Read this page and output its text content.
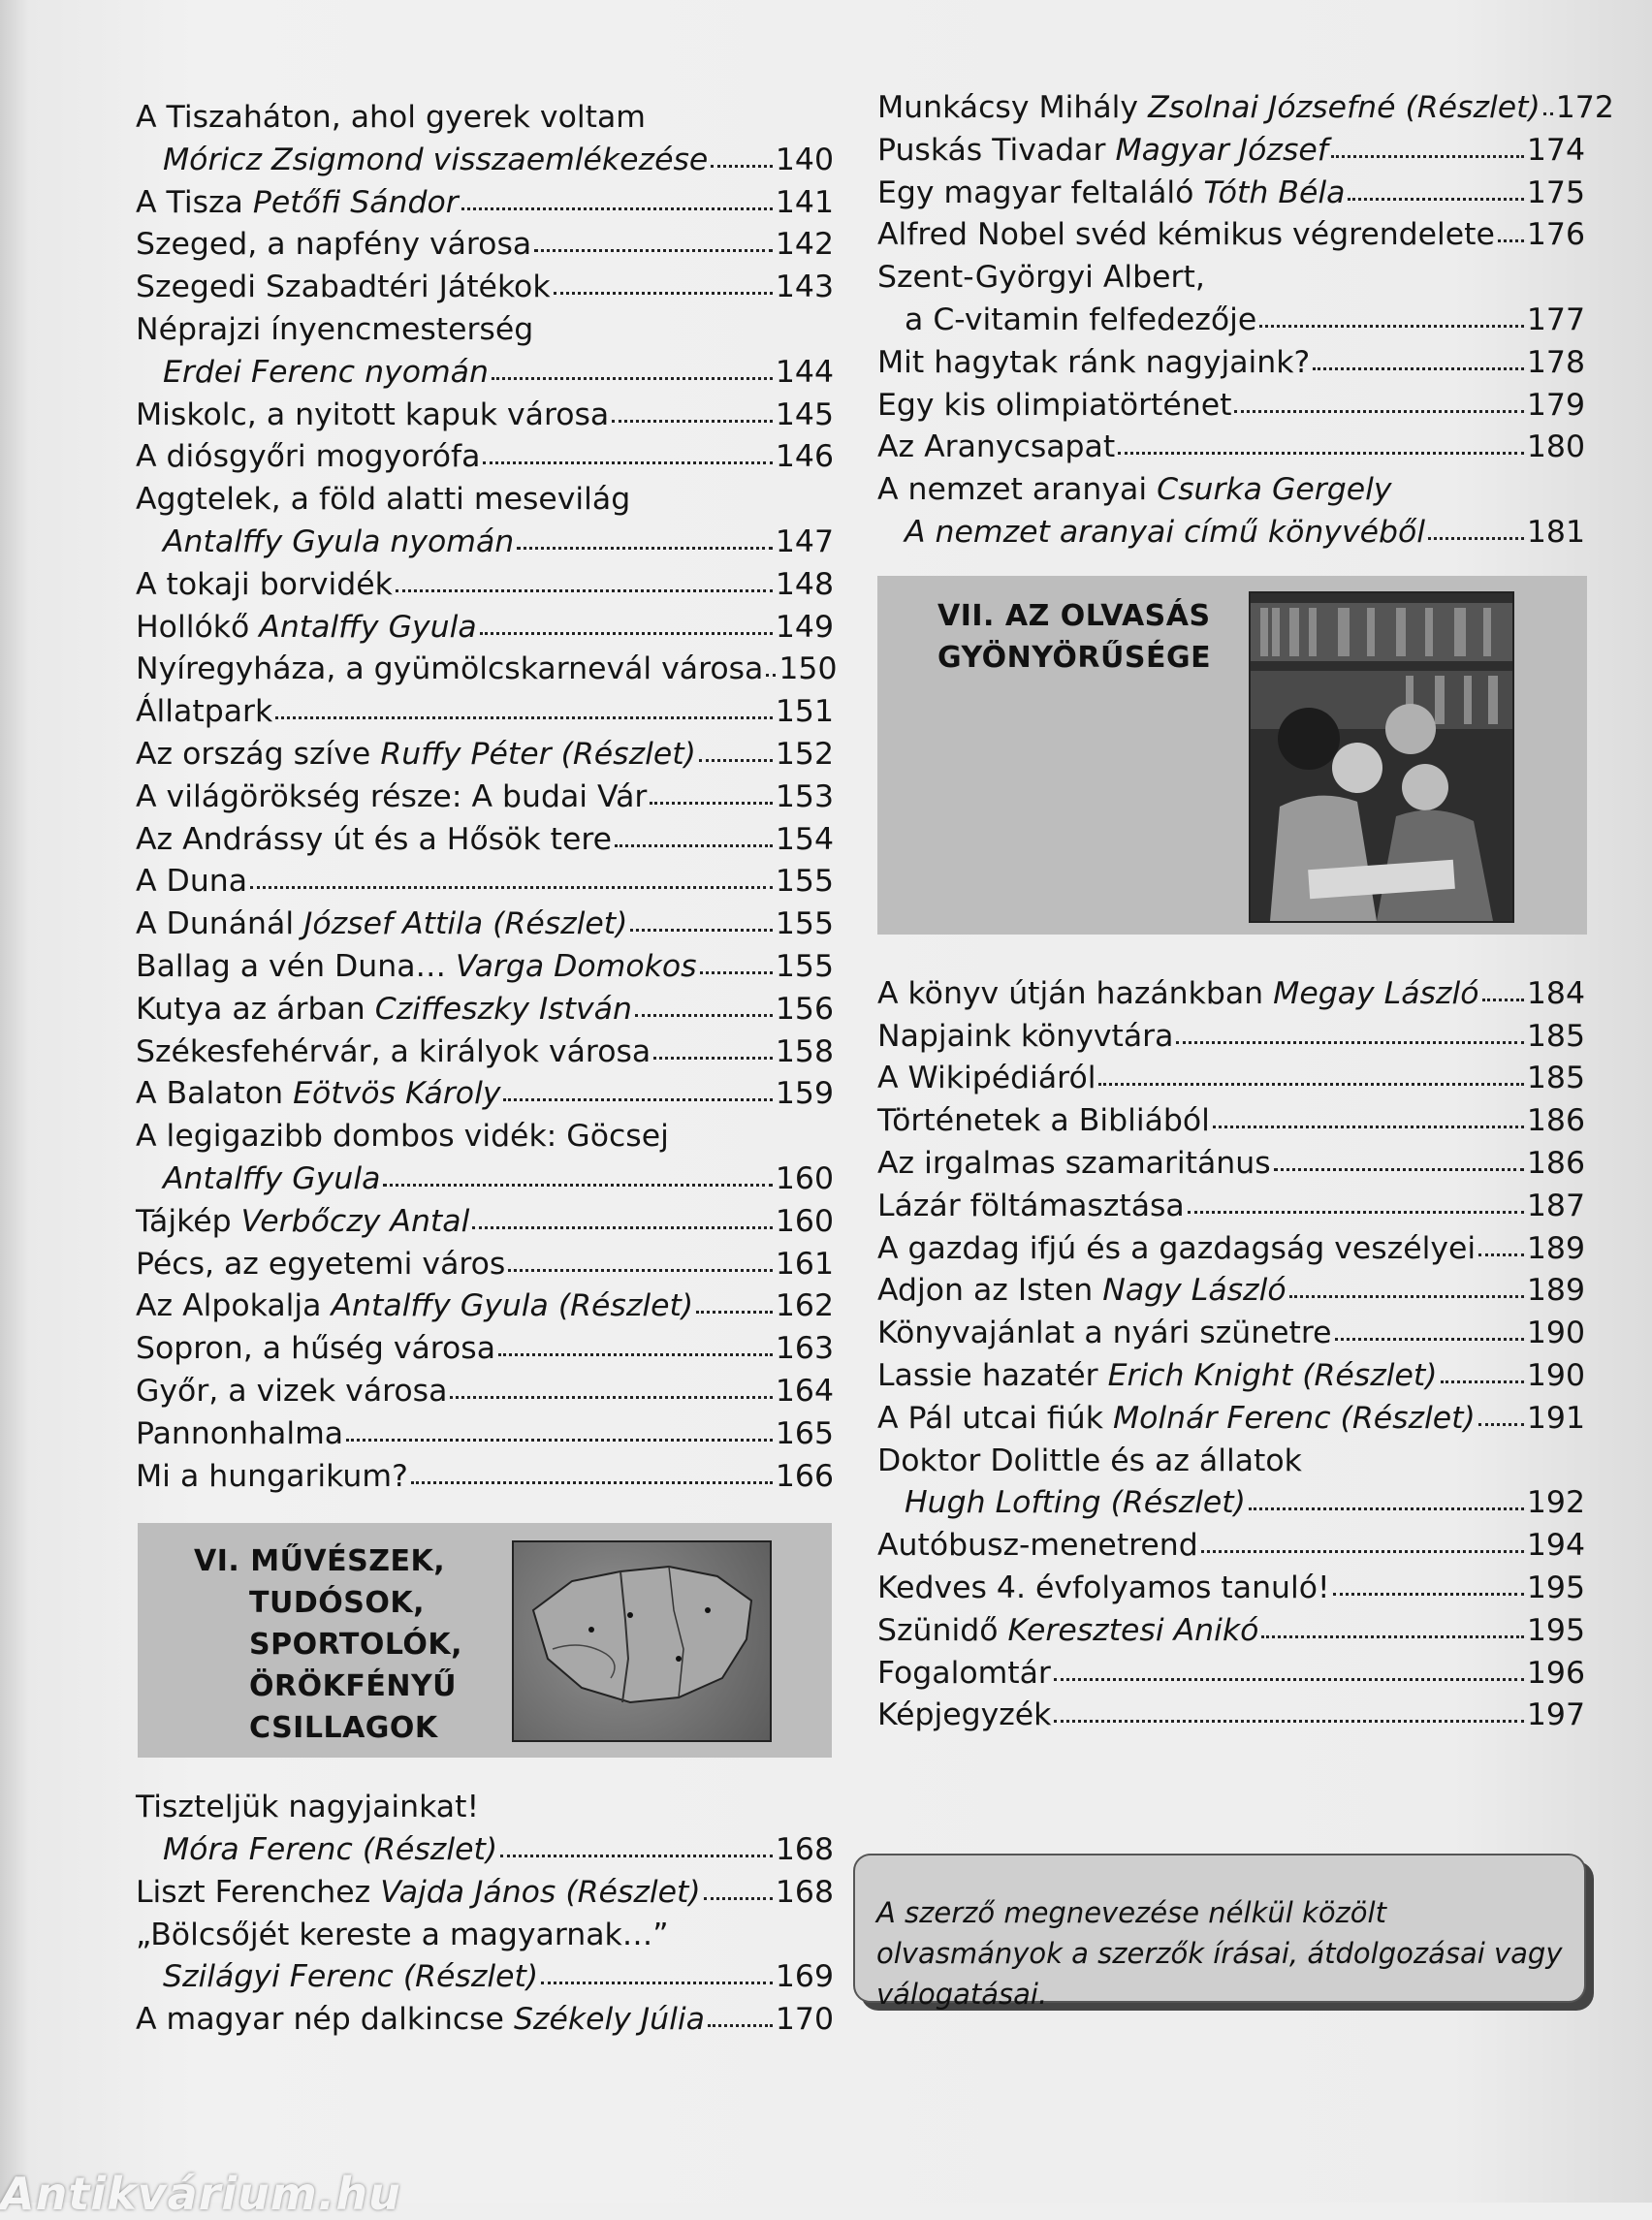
A Tiszaháton, ahol gyerek voltam
Móricz Zsigmond visszaemlékezése 140
A Tisza Petőfi Sándor	141
Szeged, a napfény városa	142
Szegedi Szabadtéri Játékok	143
Néprajzi ínyencmesterség
Erdei Ferenc nyomán	144
Miskolc, a nyitott kapuk városa	145
A diósgyőri mogyorófa	146
Aggtelek, a föld alatti mesevilág
Antalffy Gyula nyomán	147
A tokaji borvidék	148
Hollókő Antalffy Gyula	149
Nyíregyháza, a gyümölcskarnevál városa 150
Állatpark	151
Az ország szíve Ruffy Péter (Részlet)	152
A világörökség része: A budai Vár	153
Az Andrássy út és a Hősök tere	154
A Duna	155
A Dunánál József Attila (Részlet)	155
Ballag a vén Duna… Varga Domokos	155
Kutya az árban Cziffeszky István	156
Székesfehérvár, a királyok városa	158
A Balaton Eötvös Károly	159
A legigazibb dombos vidék: Göcsej
Antalffy Gyula	160
Tájkép Verbőczy Antal	160
Pécs, az egyetemi város	161
Az Alpokalja Antalffy Gyula (Részlet)	162
Sopron, a hűség városa	163
Győr, a vizek városa	164
Pannonhalma	165
Mi a hungarikum?	166
VI. MŰVÉSZEK,
TUDÓSOK,
SPORTOLÓK,
ÖRÖKFÉNYŰ
CSILLAGOK
Tiszteljük nagyjainkat!
Móra Ferenc (Részlet)	168
Liszt Ferenchez Vajda János (Részlet) 168
„Bölcsőjét kereste a magyarnak…”
Szilágyi Ferenc (Részlet)	169
A magyar nép dalkincse Székely Júlia 170
Munkácsy Mihály Zsolnai Józsefné (Részlet) 172
Puskás Tivadar Magyar József	174
Egy magyar feltaláló Tóth Béla	175
Alfred Nobel svéd kémikus végrendelete 176
Szent-Györgyi Albert,
a C-vitamin felfedezője	177
Mit hagytak ránk nagyjaink?	178
Egy kis olimpiatörténet	179
Az Aranycsapat	180
A nemzet aranyai Csurka Gergely
A nemzet aranyai című könyvéből	181
VII. AZ OLVASÁS
GYÖNYÖRŰSÉGE
A könyv útján hazánkban Megay László 184
Napjaink könyvtára	185
A Wikipédiáról	185
Történetek a Bibliából	186
Az irgalmas szamaritánus	186
Lázár föltámasztása	187
A gazdag ifjú és a gazdagság veszélyei 189
Adjon az Isten Nagy László	189
Könyvajánlat a nyári szünetre	190
Lassie hazatér Erich Knight (Részlet)	190
A Pál utcai fiúk Molnár Ferenc (Részlet) 191
Doktor Dolittle és az állatok
Hugh Lofting (Részlet)	192
Autóbusz-menetrend	194
Kedves 4. évfolyamos tanuló!	195
Szünidő Keresztesi Anikó	195
Fogalomtár	196
Képjegyzék	197
A szerző megnevezése nélkül közölt olvasmányok a szerzők írásai, átdolgozásai vagy válogatásai.
Antikvárium.hu
